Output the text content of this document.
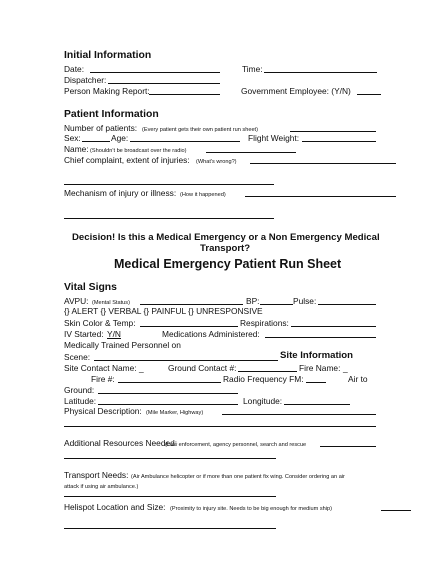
Initial Information
Date:	Time:
Dispatcher:
Person Making Report:	Government Employee: (Y/N)
Patient Information
Number of patients: (Every patient gets their own patient run sheet)
Sex:	Age:	Flight Weight:
Name: (Shouldn't be broadcast over the radio)
Chief complaint, extent of injuries: (What's wrong?)
Mechanism of injury or illness: (How it happened)
Decision! Is this a Medical Emergency or a Non Emergency Medical
Transport?
Medical Emergency Patient Run Sheet
Vital Signs
AVPU: (Mental Status)	BP:	Pulse:
{} ALERT {} VERBAL {} PAINFUL {} UNRESPONSIVE
Skin Color & Temp:	Respirations:
IV Started: Y/N	Medications Administered:
Medically Trained Personnel on
Scene:	Site Information
Site Contact Name: _	Ground Contact #:	Fire Name: _
Fire #:	Radio Frequency FM:	Air to
Ground:
Latitude:	Longitude:
Physical Description: (Mile Marker, Highway)
Additional Resources Needed:
(Law enforcement, agency personnel, search and rescue
Transport Needs: (Air Ambulance helicopter or if more than one patient fix wing. Consider ordering an air
attack if using air ambulance.)
Helispot Location and Size: (Proximity to injury site. Needs to be big enough for medium ship)
